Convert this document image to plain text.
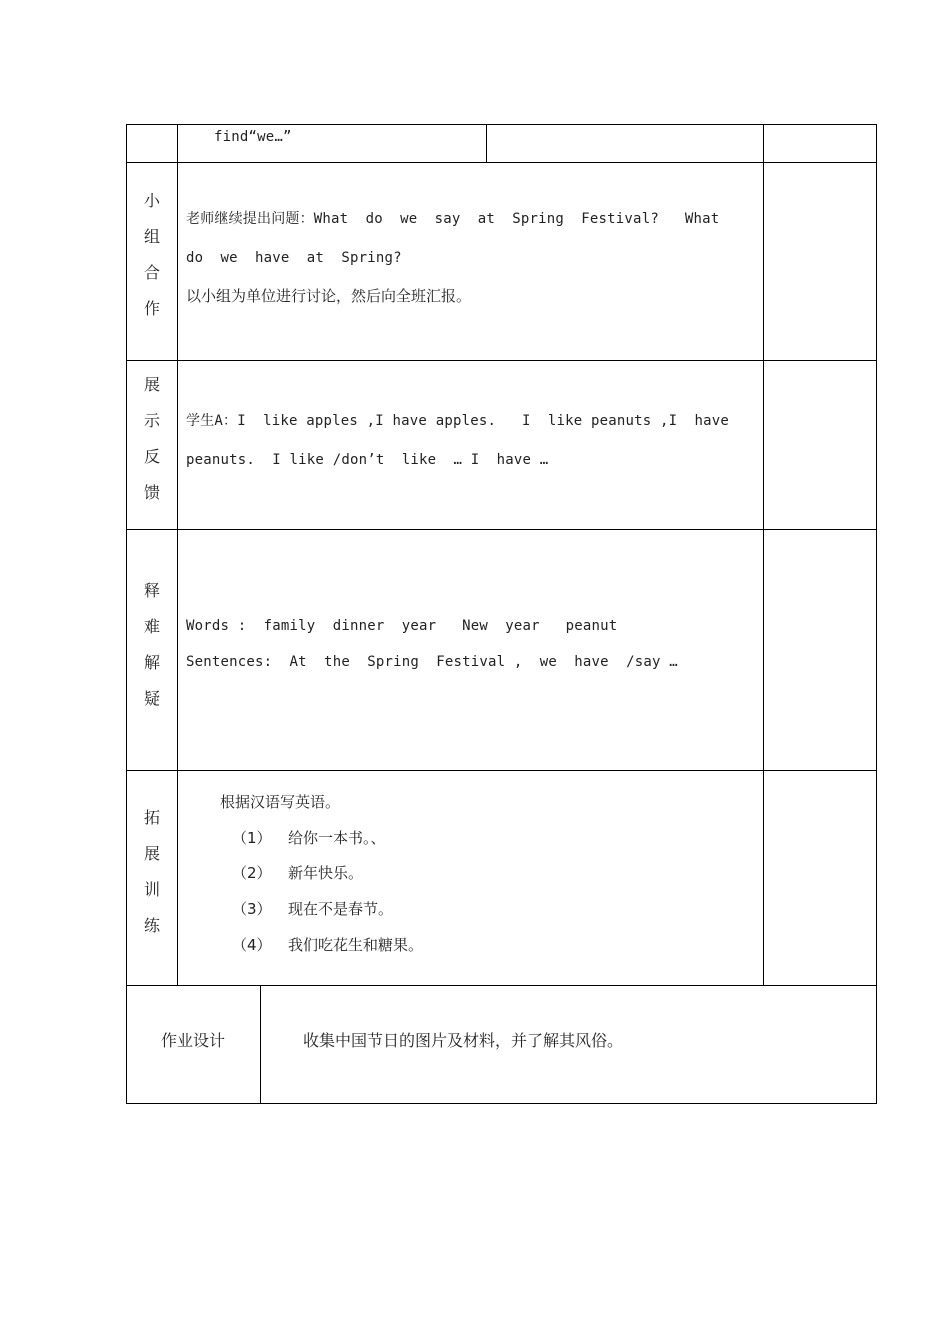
find“we…”
小
组
合
作
老师继续提出问题：What  do  we  say  at  Spring  Festival?   What
do  we  have  at  Spring?
以小组为单位进行讨论，然后向全班汇报。
展
示
反
馈
学生A：I  like apples ,I have apples.   I  like peanuts ,I  have
peanuts.  I like /don’t  like  … I  have …
释
难
解
疑
Words :  family  dinner  year   New  year   peanut
Sentences:  At  the  Spring  Festival ,  we  have  /say …
拓
展
训
练
根据汉语写英语。
（1） 给你一本书。、
（2） 新年快乐。
（3） 现在不是春节。
（4） 我们吃花生和糖果。
作业设计	收集中国节日的图片及材料，并了解其风俗。
